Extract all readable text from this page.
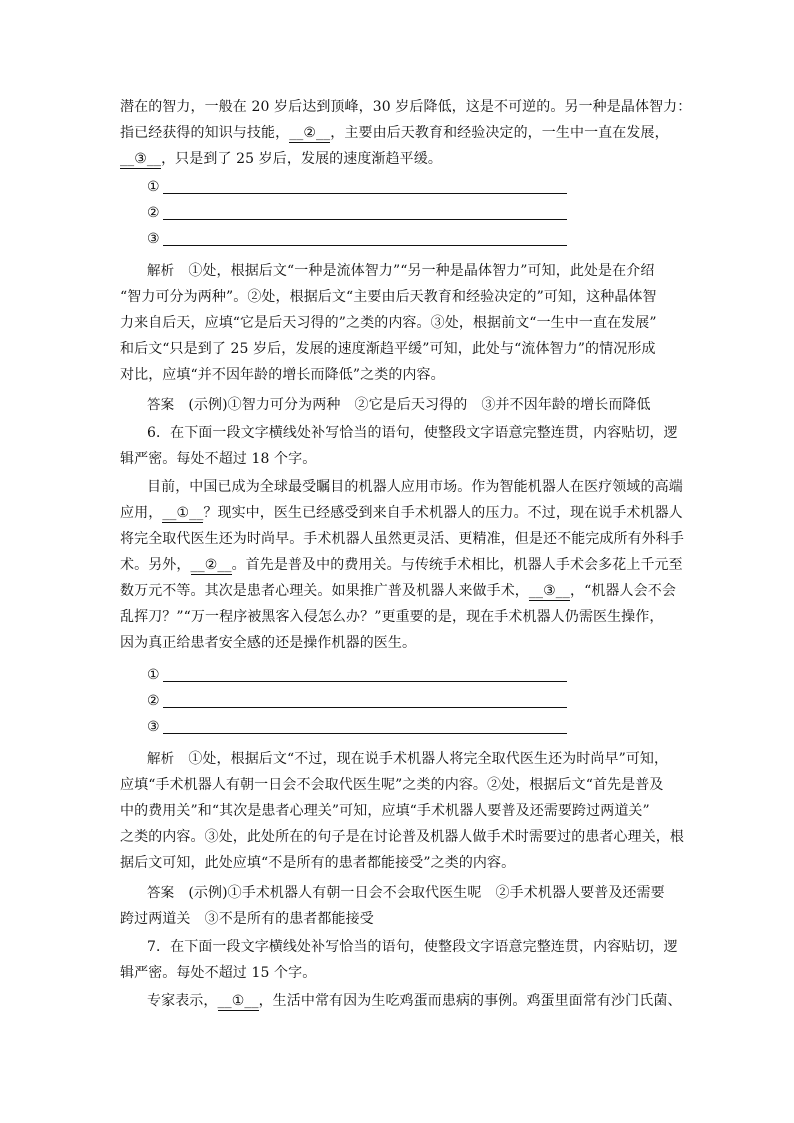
潜在的智力，一般在 20 岁后达到顶峰，30 岁后降低，这是不可逆的。另一种是晶体智力：
指已经获得的知识与技能，__②__，主要由后天教育和经验决定的，一生中一直在发展，
__③__，只是到了 25 岁后，发展的速度渐趋平缓。
①
②
③
解析　 ①处，根据后文“一种是流体智力”“另一种是晶体智力”可知，此处是在介绍
“智力可分为两种”。②处，根据后文“主要由后天教育和经验决定的”可知，这种晶体智
力来自后天，应填“它是后天习得的”之类的内容。③处，根据前文“一生中一直在发展”
和后文“只是到了 25 岁后，发展的速度渐趋平缓”可知，此处与“流体智力”的情况形成
对比，应填“并不因年龄的增长而降低”之类的内容。
答案　 (示例)①智力可分为两种　②它是后天习得的　③并不因年龄的增长而降低
6．在下面一段文字横线处补写恰当的语句，使整段文字语意完整连贯，内容贴切，逻
辑严密。每处不超过 18 个字。
目前，中国已成为全球最受瞩目的机器人应用市场。作为智能机器人在医疗领域的高端
应用，__①__？现实中，医生已经感受到来自手术机器人的压力。不过，现在说手术机器人
将完全取代医生还为时尚早。手术机器人虽然更灵活、更精准，但是还不能完成所有外科手
术。另外，__②__。首先是普及中的费用关。与传统手术相比，机器人手术会多花上千元至
数万元不等。其次是患者心理关。如果推广普及机器人来做手术，__③__，“机器人会不会
乱挥刀？”“万一程序被黑客入侵怎么办？”更重要的是，现在手术机器人仍需医生操作，
因为真正给患者安全感的还是操作机器的医生。
①
②
③
解析　 ①处，根据后文“不过，现在说手术机器人将完全取代医生还为时尚早”可知，
应填“手术机器人有朝一日会不会取代医生呢”之类的内容。②处，根据后文“首先是普及
中的费用关”和“其次是患者心理关”可知，应填“手术机器人要普及还需要跨过两道关”
之类的内容。③处，此处所在的句子是在讨论普及机器人做手术时需要过的患者心理关，根
据后文可知，此处应填“不是所有的患者都能接受”之类的内容。
答案　 (示例)①手术机器人有朝一日会不会取代医生呢　②手术机器人要普及还需要
跨过两道关　③不是所有的患者都能接受
7．在下面一段文字横线处补写恰当的语句，使整段文字语意完整连贯，内容贴切，逻
辑严密。每处不超过 15 个字。
专家表示，__①__，生活中常有因为生吃鸡蛋而患病的事例。鸡蛋里面常有沙门氏菌、
